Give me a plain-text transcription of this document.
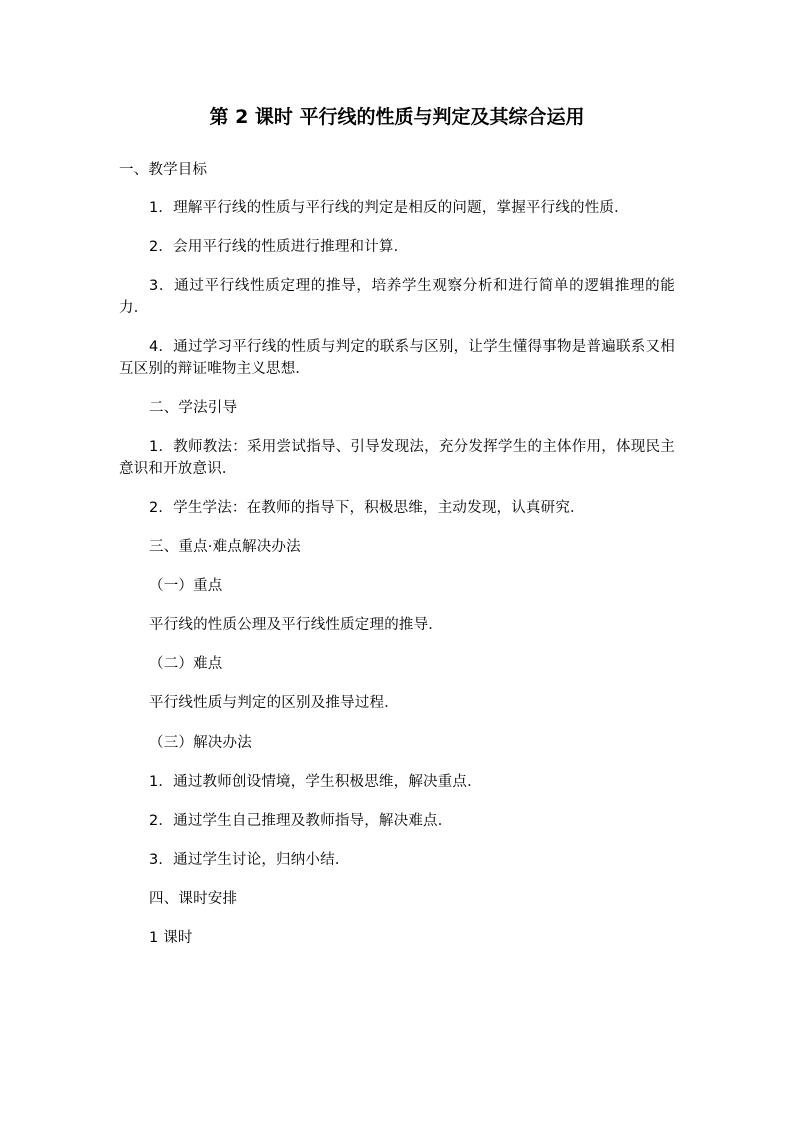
第 2 课时 平行线的性质与判定及其综合运用

一、教学目标

1．理解平行线的性质与平行线的判定是相反的问题，掌握平行线的性质．

2．会用平行线的性质进行推理和计算．

3．通过平行线性质定理的推导，培养学生观察分析和进行简单的逻辑推理的能力．

4．通过学习平行线的性质与判定的联系与区别，让学生懂得事物是普遍联系又相互区别的辩证唯物主义思想．

二、学法引导

1．教师教法：采用尝试指导、引导发现法，充分发挥学生的主体作用，体现民主意识和开放意识．

2．学生学法：在教师的指导下，积极思维，主动发现，认真研究．

三、重点·难点解决办法

（一）重点

平行线的性质公理及平行线性质定理的推导．

（二）难点

平行线性质与判定的区别及推导过程．

（三）解决办法

1．通过教师创设情境，学生积极思维，解决重点．

2．通过学生自己推理及教师指导，解决难点．

3．通过学生讨论，归纳小结．

四、课时安排

1 课时
